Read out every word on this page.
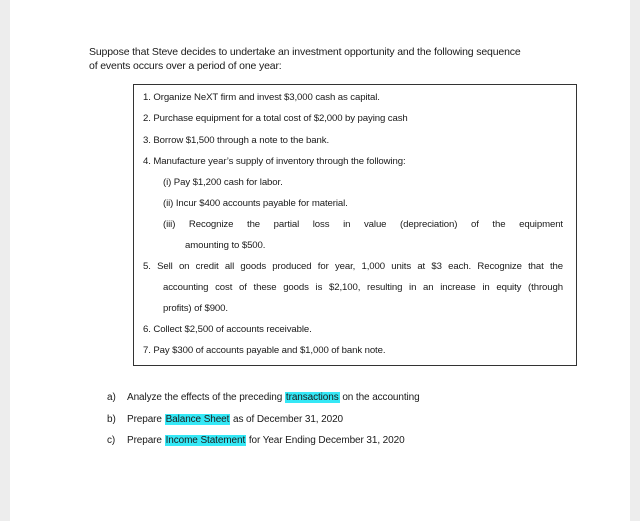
Suppose that Steve decides to undertake an investment opportunity and the following sequence
of events occurs over a period of one year:
1. Organize NeXT firm and invest $3,000 cash as capital.
2. Purchase equipment for a total cost of $2,000 by paying cash
3. Borrow $1,500 through a note to the bank.
4. Manufacture year’s supply of inventory through the following:
(i) Pay $1,200 cash for labor.
(ii) Incur $400 accounts payable for material.
(iii) Recognize the partial loss in value (depreciation) of the equipment
amounting to $500.
5. Sell on credit all goods produced for year, 1,000 units at $3 each. Recognize that the
accounting cost of these goods is $2,100, resulting in an increase in equity (through
profits) of $900.
6. Collect $2,500 of accounts receivable.
7. Pay $300 of accounts payable and $1,000 of bank note.
a) Analyze the effects of the preceding transactions on the accounting
b) Prepare Balance Sheet as of December 31, 2020
c) Prepare Income Statement for Year Ending December 31, 2020
